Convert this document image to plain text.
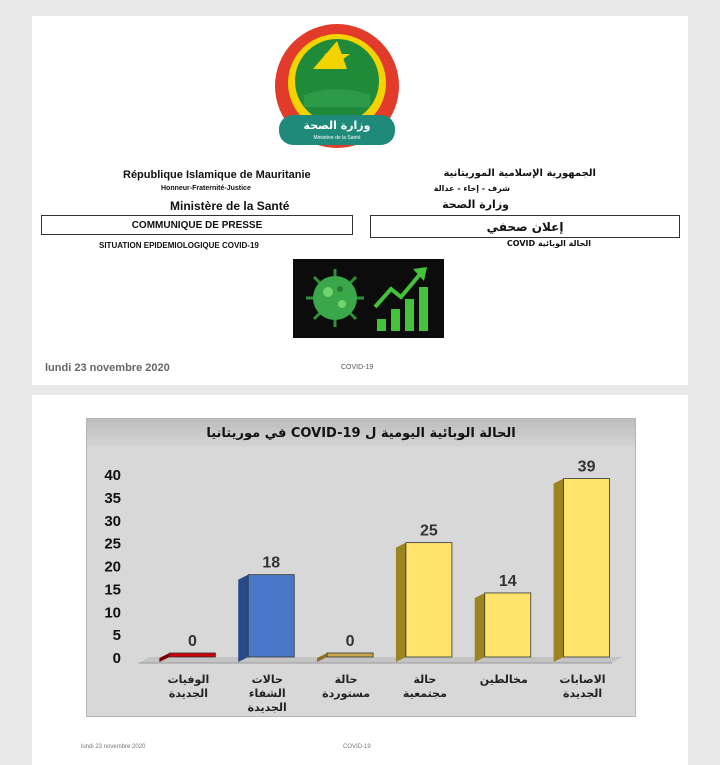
وزارة الصحة
Ministère de la Santé
République Islamique de Mauritanie
Honneur-Fraternité-Justice
Ministère de la Santé
الجمهورية الإسلامية الموريتانية
شرف - إخاء - عدالة
وزارة الصحة
COMMUNIQUE DE PRESSE	إعلان صحفي
SITUATION EPIDEMIOLOGIQUE COVID-19	الحالة الوبائية COVID
lundi 23 novembre 2020	COVID-19
الحالة الوبائية اليومية ل COVID-19 في موريتانيا
0
5
10
15
20
25
30
35
40
0
الوفيات
الجديدة
18
حالات
الشفاء
الجديدة
0
حالة
مستوردة
25
حالة
مجتمعية
14
مخالطين
39
الاصابات
الجديدة
lundi 23 novembre 2020	COVID-19
